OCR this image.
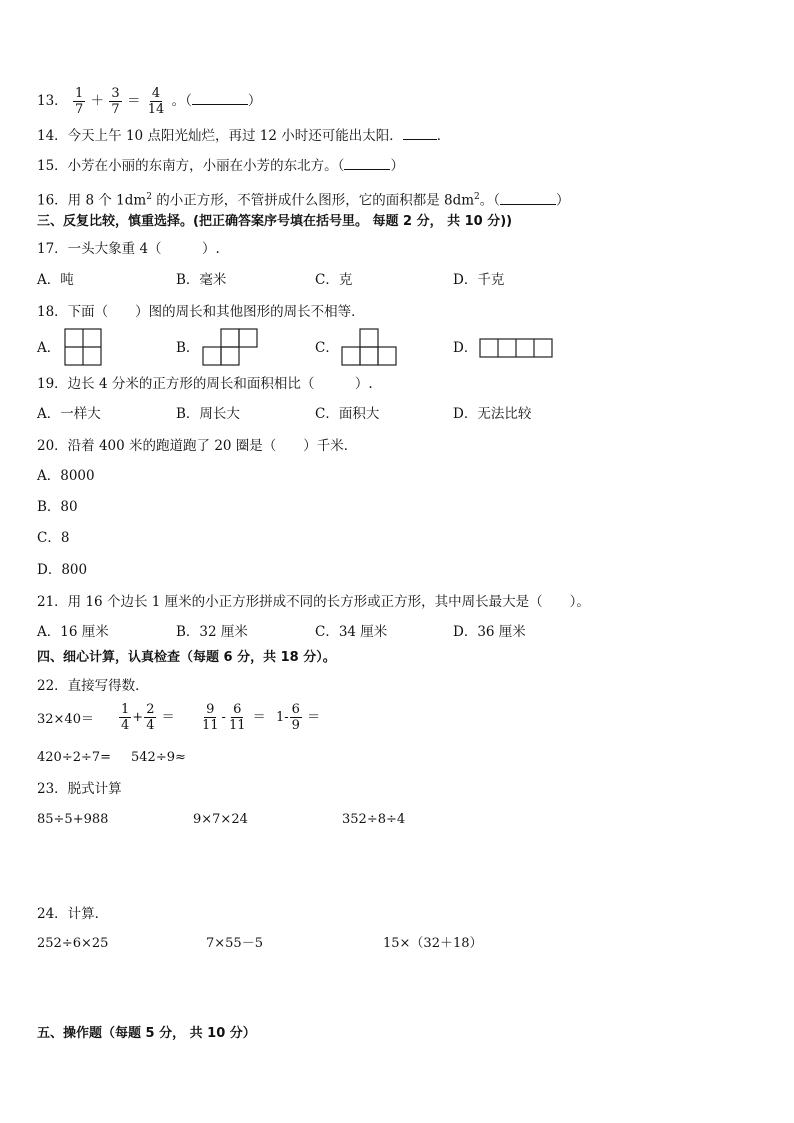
13． $\frac{1}{7} + \frac{3}{7} = \frac{4}{14}$ 。（	）
14．今天上午 10 点阳光灿烂，再过 12 小时还可能出太阳．	．
15．小芳在小丽的东南方，小丽在小芳的东北方。（	）
16．用 8 个 $1dm^2$ 的小正方形，不管拼成什么图形，它的面积都是 $8dm^2$。（	）
三、反复比较，慎重选择。(把正确答案序号填在括号里。 每题 2 分， 共 10 分))
17．一头大象重 4（　　　）.
A．吨	B．毫米	C．克	D．千克
18．下面（　　）图的周长和其他图形的周长不相等．
A．	B．	C．	D．
19．边长 4 分米的正方形的周长和面积相比（　　　）.
A．一样大	B．周长大	C．面积大	D．无法比较
20．沿着 400 米的跑道跑了 20 圈是（　　）千米．
A．8000
B．80
C．8
D．800
21．用 16 个边长 1 厘米的小正方形拼成不同的长方形或正方形，其中周长最大是（　　）。
A．16 厘米	B．32 厘米	C．34 厘米	D．36 厘米
四、细心计算，认真检查（每题 6 分，共 18 分）。
22．直接写得数．
$32\times 40= \frac{1}{4} + \frac{2}{4} = \frac{9}{11} - \frac{6}{11} = 1- \frac{6}{9}$ ＝
420÷2÷7= 542÷9≈
23．脱式计算
85÷5+988	9×7×24	352÷8÷4
24．计算．
252÷6×25	7×55－5	15×（32＋18）
五、操作题（每题 5 分， 共 10 分）
